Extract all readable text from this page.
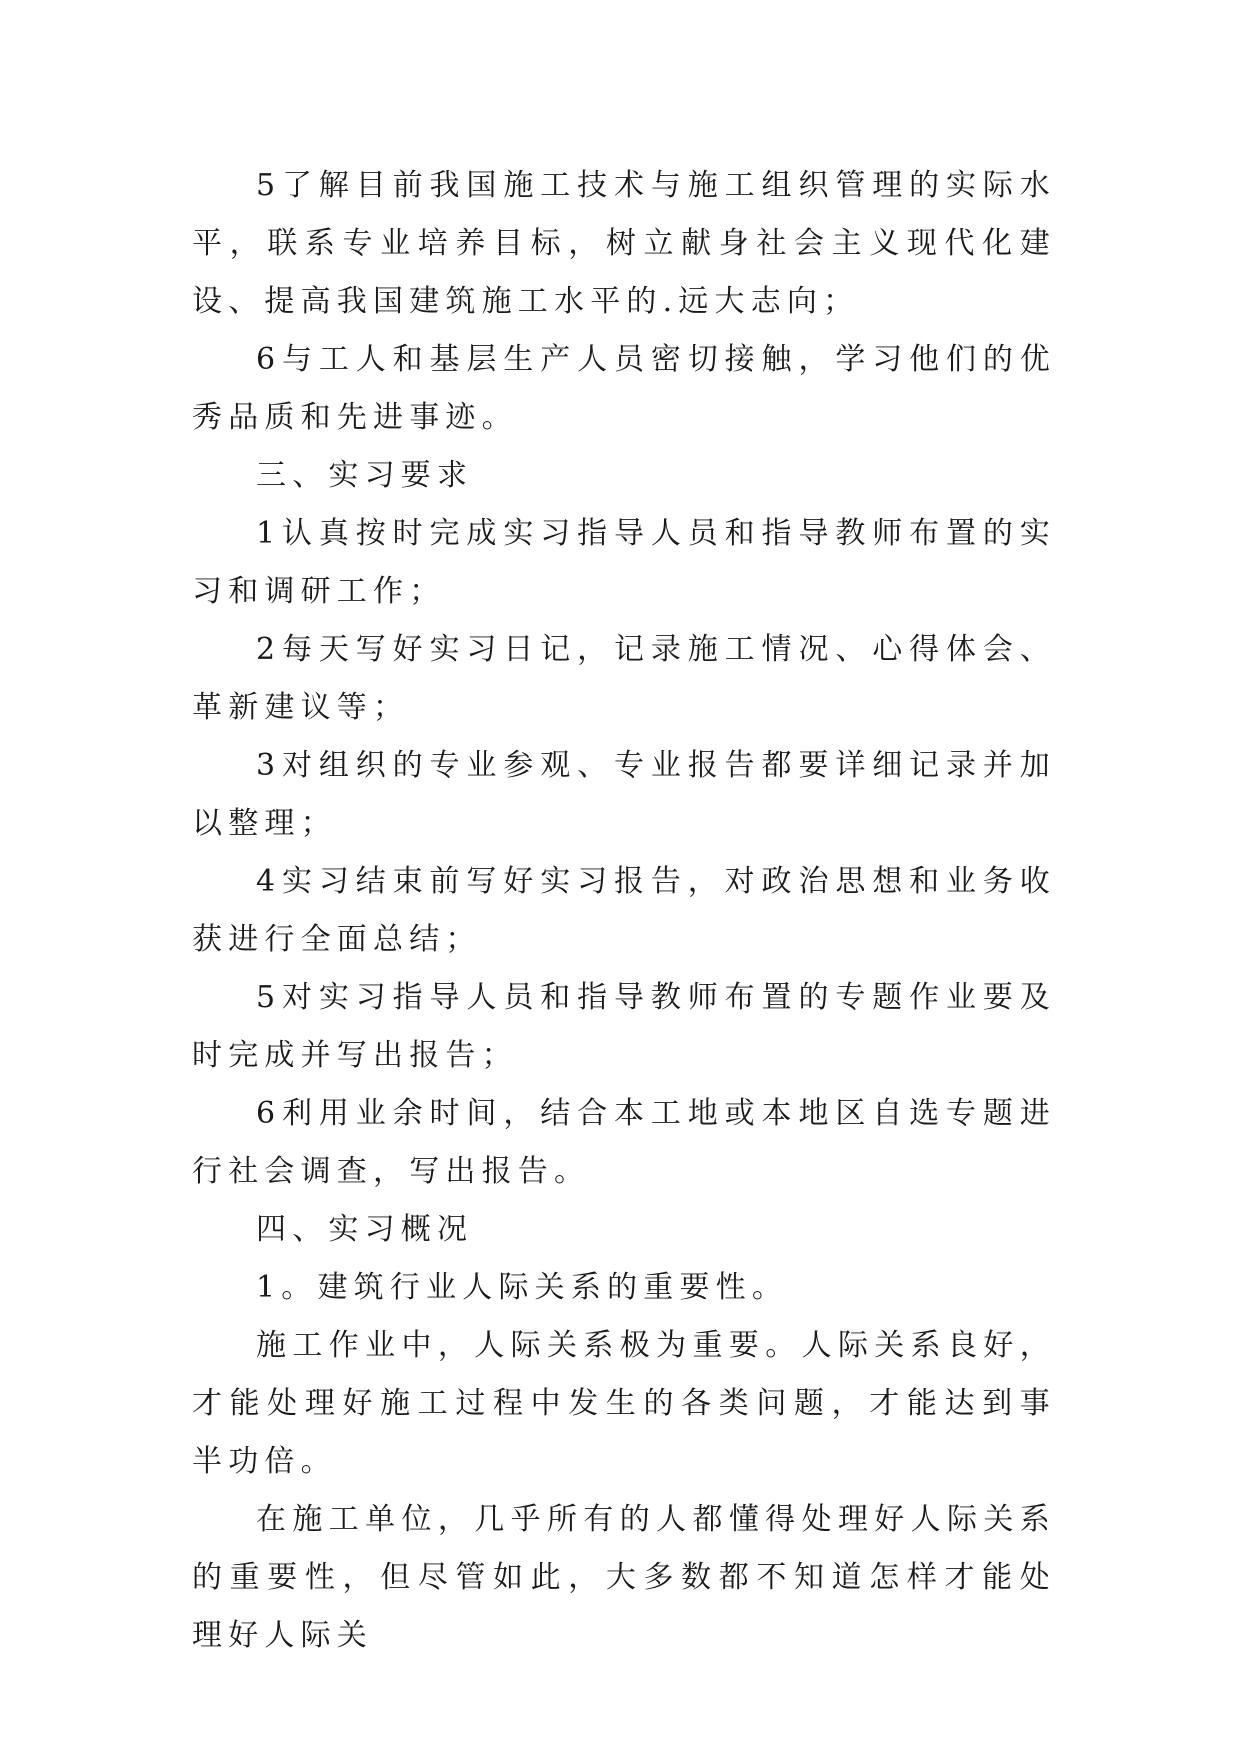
5了解目前我国施工技术与施工组织管理的实际水平，联系专业培养目标，树立献身社会主义现代化建设、提高我国建筑施工水平的.远大志向；

6与工人和基层生产人员密切接触，学习他们的优秀品质和先进事迹。

三、实习要求

1认真按时完成实习指导人员和指导教师布置的实习和调研工作；

2每天写好实习日记，记录施工情况、心得体会、革新建议等；

3对组织的专业参观、专业报告都要详细记录并加以整理；

4实习结束前写好实习报告，对政治思想和业务收获进行全面总结；

5对实习指导人员和指导教师布置的专题作业要及时完成并写出报告；

6利用业余时间，结合本工地或本地区自选专题进行社会调查，写出报告。

四、实习概况

1。建筑行业人际关系的重要性。

施工作业中，人际关系极为重要。人际关系良好，才能处理好施工过程中发生的各类问题，才能达到事半功倍。

在施工单位，几乎所有的人都懂得处理好人际关系的重要性，但尽管如此，大多数都不知道怎样才能处理好人际关
